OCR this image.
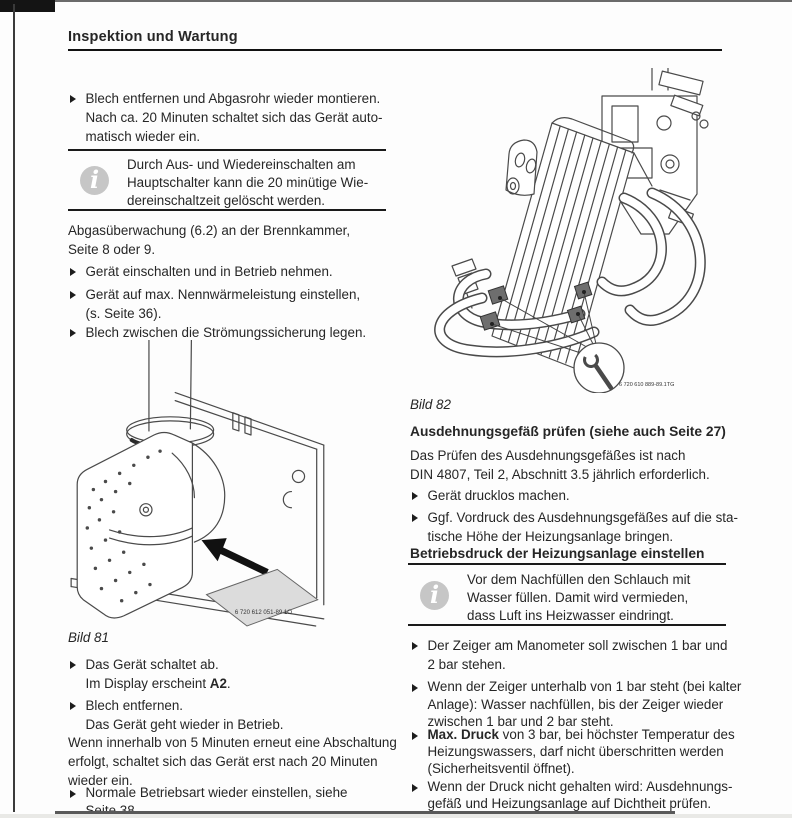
Inspektion und Wartung
Blech entfernen und Abgasrohr wieder montieren.
Nach ca. 20 Minuten schaltet sich das Gerät auto-
matisch wieder ein.
i
Durch Aus- und Wiedereinschalten am
Hauptschalter kann die 20 minütige Wie-
dereinschaltzeit gelöscht werden.
Abgasüberwachung (6.2) an der Brennkammer,
Seite 8 oder 9.
Gerät einschalten und in Betrieb nehmen.
Gerät auf max. Nennwärmeleistung einstellen,
(s. Seite 36).
Blech zwischen die Strömungssicherung legen.
6 720 612 051-89.1O
Bild 81
Das Gerät schaltet ab.
Im Display erscheint A2.
Blech entfernen.
Das Gerät geht wieder in Betrieb.
Wenn innerhalb von 5 Minuten erneut eine Abschaltung
erfolgt, schaltet sich das Gerät erst nach 20 Minuten
wieder ein.
Normale Betriebsart wieder einstellen, siehe
6 720 610 889-89.1TG
Bild 82
Ausdehnungsgefäß prüfen (siehe auch Seite 27)
Das Prüfen des Ausdehnungsgefäßes ist nach
DIN 4807, Teil 2, Abschnitt 3.5 jährlich erforderlich.
Gerät drucklos machen.
Ggf. Vordruck des Ausdehnungsgefäßes auf die sta-
tische Höhe der Heizungsanlage bringen.
Betriebsdruck der Heizungsanlage einstellen
i
Vor dem Nachfüllen den Schlauch mit
Wasser füllen. Damit wird vermieden,
dass Luft ins Heizwasser eindringt.
Der Zeiger am Manometer soll zwischen 1 bar und
2 bar stehen.
Wenn der Zeiger unterhalb von 1 bar steht (bei kalter
Anlage): Wasser nachfüllen, bis der Zeiger wieder
zwischen 1 bar und 2 bar steht.
Max. Druck von 3 bar, bei höchster Temperatur des
Heizungswassers, darf nicht überschritten werden
(Sicherheitsventil öffnet).
Wenn der Druck nicht gehalten wird: Ausdehnungs-
gefäß und Heizungsanlage auf Dichtheit prüfen.
